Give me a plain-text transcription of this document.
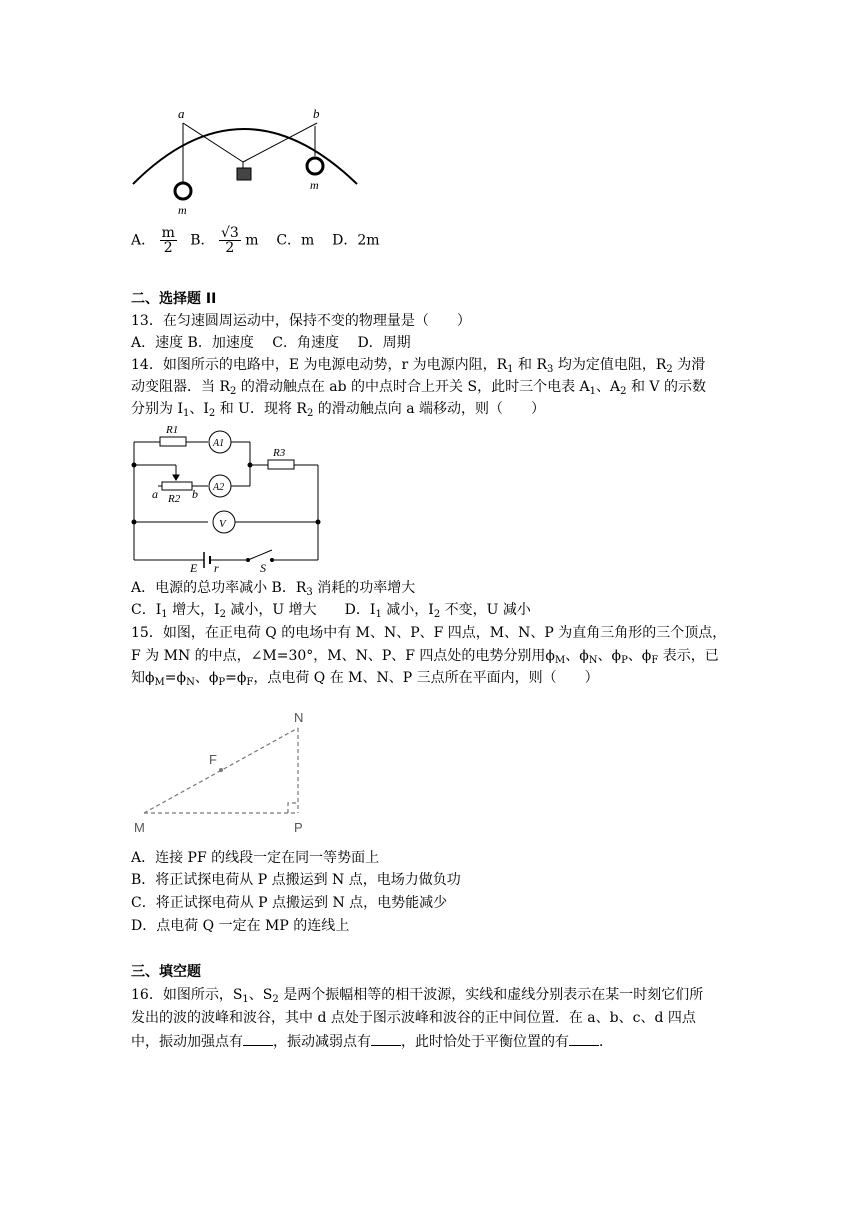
a	b
m
m
A． $\frac{m}{2}$ B． $\frac{√3}{2}$ m C．m D．2m
二、选择题 II
13．在匀速圆周运动中，保持不变的物理量是（　　）
A．速度 B．加速度　 C．角速度　 D．周期
14．如图所示的电路中，E 为电源电动势，r 为电源内阻，$R_1$ 和 $R_3$ 均为定值电阻，$R_2$ 为滑
动变阻器．当 $R_2$ 的滑动触点在 ab 的中点时合上开关 S，此时三个电表 $A_1$、$A_2$ 和 V 的示数
分别为 $I_1$、$I_2$ 和 U．现将 $R_2$ 的滑动触点向 a 端移动，则（　　）
R1
A1
R3
a R2 b A2
V
E r	S
A．电源的总功率减小 B．$R_3$ 消耗的功率增大
C．$I_1$ 增大，$I_2$ 减小，U 增大　　D．$I_1$ 减小，$I_2$ 不变，U 减小
15．如图，在正电荷 Q 的电场中有 M、N、P、F 四点，M、N、P 为直角三角形的三个顶点，
F 为 MN 的中点，∠M=30°，M、N、P、F 四点处的电势分别用$\phi_M$、$\phi_N$、$\phi_P$、$\phi_F$ 表示，已
知$\phi_M=\phi_N$、$\phi_P=\phi_F$，点电荷 Q 在 M、N、P 三点所在平面内，则（　　）
N
F
M	P
A．连接 PF 的线段一定在同一等势面上
B．将正试探电荷从 P 点搬运到 N 点，电场力做负功
C．将正试探电荷从 P 点搬运到 N 点，电势能减少
D．点电荷 Q 一定在 MP 的连线上
三、填空题
16．如图所示，$S_1$、$S_2$ 是两个振幅相等的相干波源，实线和虚线分别表示在某一时刻它们所
发出的波的波峰和波谷，其中 d 点处于图示波峰和波谷的正中间位置．在 a、b、c、d 四点
中，振动加强点有 ，振动减弱点有 ，此时恰处于平衡位置的有 ．
